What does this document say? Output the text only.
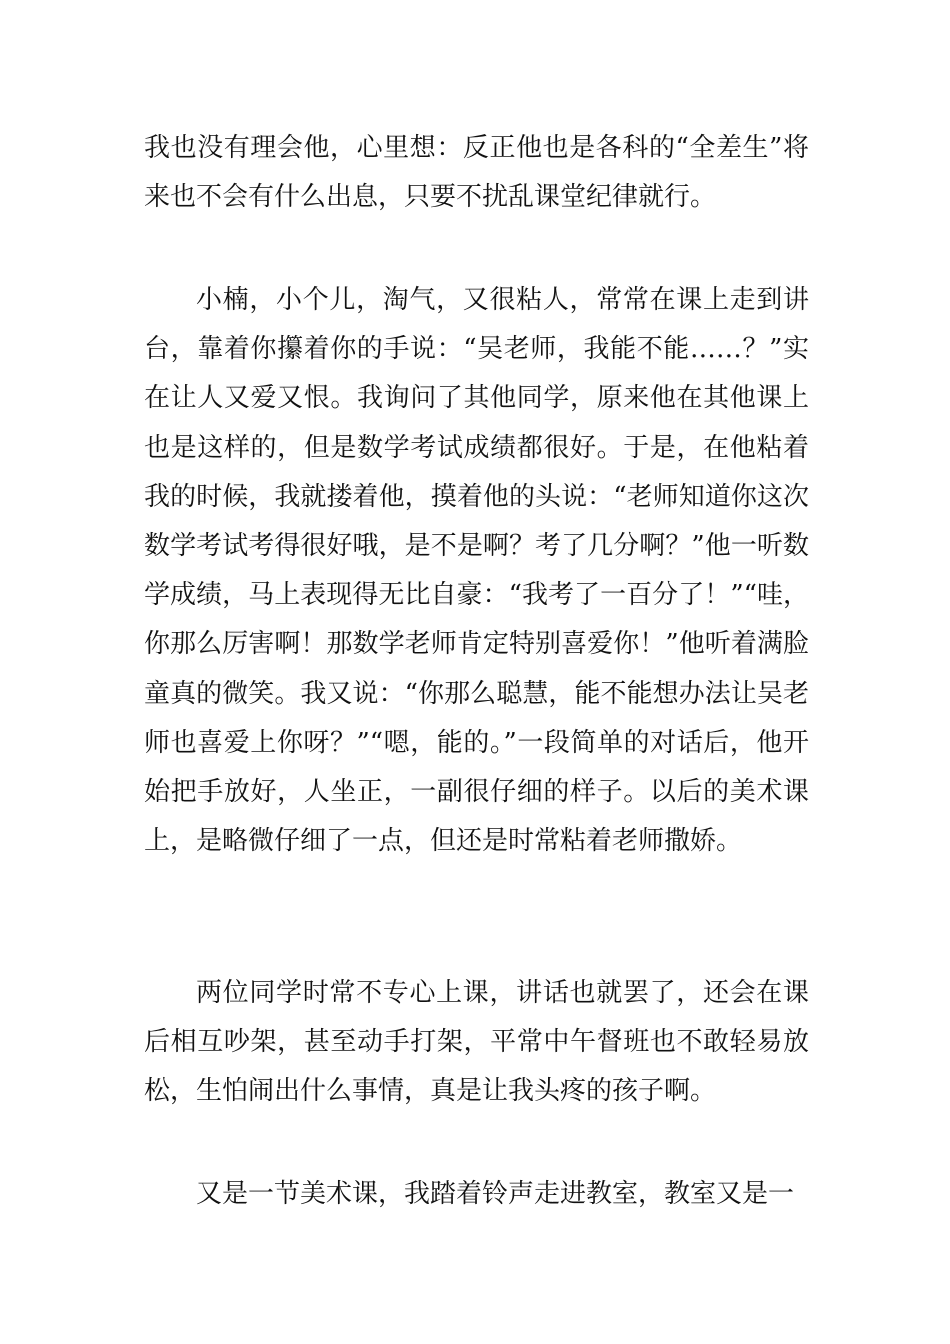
我也没有理会他，心里想：反正他也是各科的“全差生”将来也不会有什么出息，只要不扰乱课堂纪律就行。

小楠，小个儿，淘气，又很粘人，常常在课上走到讲台，靠着你攥着你的手说：“吴老师，我能不能……？”实在让人又爱又恨。我询问了其他同学，原来他在其他课上也是这样的，但是数学考试成绩都很好。于是，在他粘着我的时候，我就搂着他，摸着他的头说：“老师知道你这次数学考试考得很好哦，是不是啊？考了几分啊？”他一听数学成绩，马上表现得无比自豪：“我考了一百分了！”“哇，你那么厉害啊！那数学老师肯定特别喜爱你！”他听着满脸童真的微笑。我又说：“你那么聪慧，能不能想办法让吴老师也喜爱上你呀？”“嗯，能的。”一段简单的对话后，他开始把手放好，人坐正，一副很仔细的样子。以后的美术课上，是略微仔细了一点，但还是时常粘着老师撒娇。

两位同学时常不专心上课，讲话也就罢了，还会在课后相互吵架，甚至动手打架，平常中午督班也不敢轻易放松，生怕闹出什么事情，真是让我头疼的孩子啊。

又是一节美术课，我踏着铃声走进教室，教室又是一
